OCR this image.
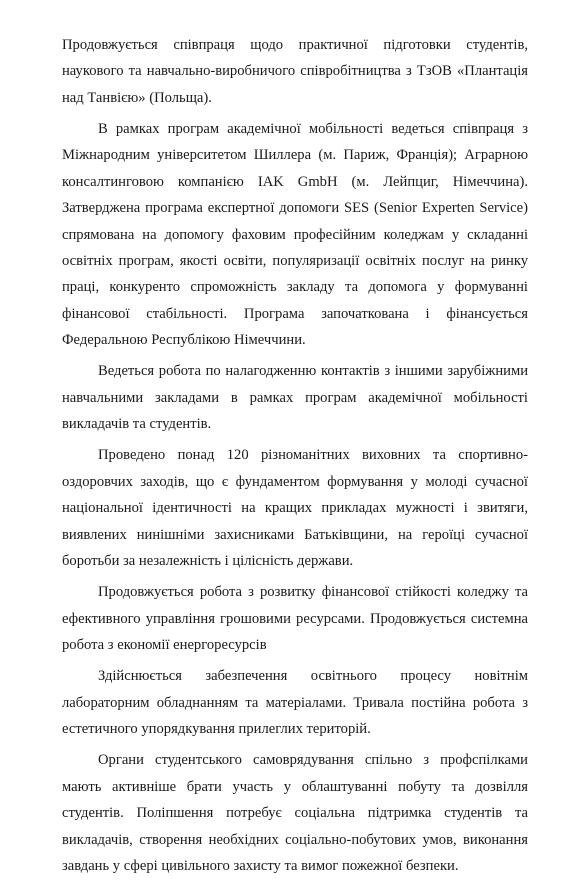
Продовжується співпраця щодо практичної підготовки студентів, наукового та навчально-виробничого співробітництва з ТзОВ «Плантація над Танвією» (Польща).

В рамках програм академічної мобільності ведеться співпраця з Міжнародним університетом Шиллера (м. Париж, Франція); Аграрною консалтинговою компанією IAK GmbH (м. Лейпциг, Німеччина). Затверджена програма експертної допомоги SES (Senior Experten Service) спрямована на допомогу фаховим професійним коледжам у складанні освітніх програм, якості освіти, популяризації освітніх послуг на ринку праці, конкуренто спроможність закладу та допомога у формуванні фінансової стабільності. Програма започаткована і фінансується Федеральною Республікою Німеччини.

Ведеться робота по налагодженню контактів з іншими зарубіжними навчальними закладами в рамках програм академічної мобільності викладачів та студентів.

Проведено понад 120 різноманітних виховних та спортивно-оздоровчих заходів, що є фундаментом формування у молоді сучасної національної ідентичності на кращих прикладах мужності і звитяги, виявлених нинішніми захисниками Батьківщини, на героїці сучасної боротьби за незалежність і цілісність держави.

Продовжується робота з розвитку фінансової стійкості коледжу та ефективного управління грошовими ресурсами. Продовжується системна робота з економії енергоресурсів

Здійснюється забезпечення освітнього процесу новітнім лабораторним обладнанням та матеріалами. Тривала постійна робота з естетичного упорядкування прилеглих територій.

Органи студентського самоврядування спільно з профспілками мають активніше брати участь у облаштуванні побуту та дозвілля студентів. Поліпшення потребує соціальна підтримка студентів та викладачів, створення необхідних соціально-побутових умов, виконання завдань у сфері цивільного захисту та вимог пожежної безпеки.
